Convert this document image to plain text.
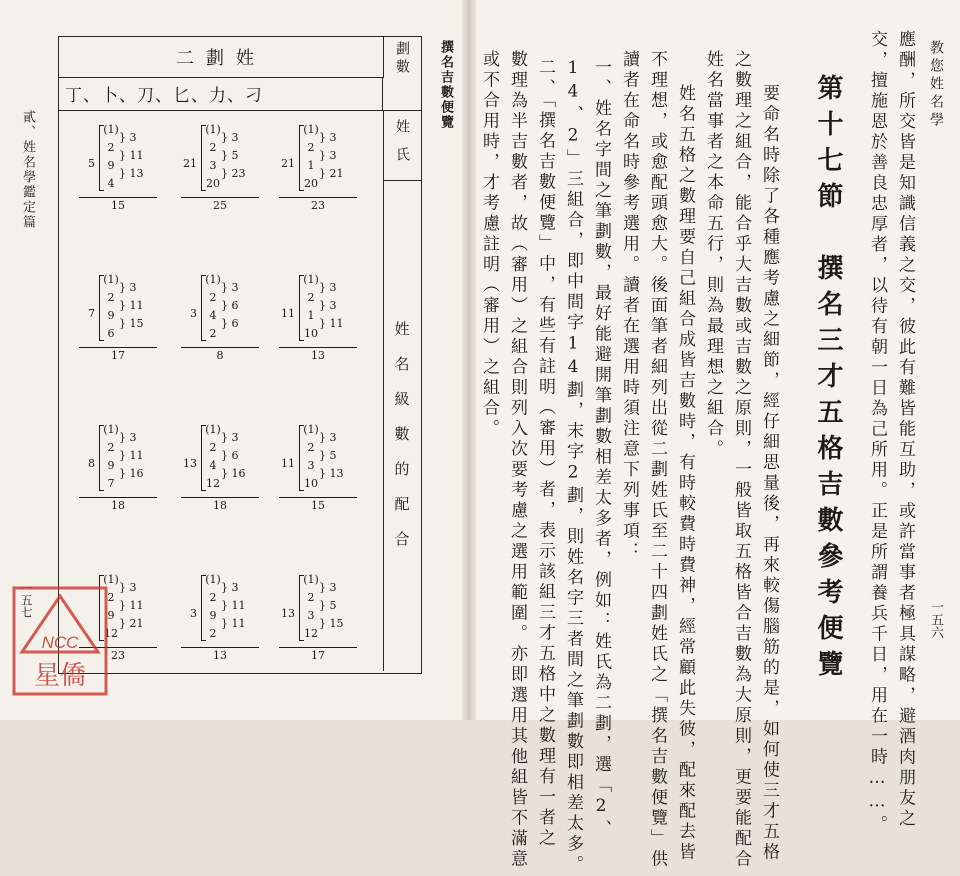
貳、姓名學鑑定篇
撰名吉數便覽
一五七
二劃姓
丁、卜、刀、匕、力、刁
劃數
姓氏
姓名級數的配合
5
(1)
2
9
4
} 3
} 11
} 13
15
21
(1)
2
3
20
} 3
} 5
} 23
25
21
(1)
2
1
20
} 3
} 3
} 21
23
7
(1)
2
9
6
} 3
} 11
} 15
17
3
(1)
2
4
2
} 3
} 6
} 6
8
11
(1)
2
1
10
} 3
} 3
} 11
13
8
(1)
2
9
7
} 3
} 11
} 16
18
13
(1)
2
4
12
} 3
} 6
} 16
18
11
(1)
2
3
10
} 3
} 5
} 13
15
(1)
2
9
12
} 3
} 11
} 21
23
3
(1)
2
9
2
} 3
} 11
} 11
13
13
(1)
2
3
12
} 3
} 5
} 15
17
NCC
星僑
教您姓名學
一五六
第十七節　撰名三才五格吉數參考便覽	應酬，所交皆是知識信義之交，彼此有難皆能互助，或許當事者極具謀略，避酒肉朋友之
交，擅施恩於善良忠厚者，以待有朝一日為己所用。正是所謂養兵千日，用在一時……。
要命名時除了各種應考慮之細節，經仔細思量後，再來較傷腦筋的是，如何使三才五格
之數理之組合，能合乎大吉數或吉數之原則，一般皆取五格皆合吉數為大原則，更要能配合
姓名當事者之本命五行，則為最理想之組合。
姓名五格之數理要自己組合成皆吉數時，有時較費時費神，經常顧此失彼，配來配去皆
不理想，或愈配頭愈大。後面筆者細列出從二劃姓氏至二十四劃姓氏之「撰名吉數便覽」供
讀者在命名時參考選用。讀者在選用時須注意下列事項：
一、姓名字間之筆劃數，最好能避開筆劃數相差太多者，例如：姓氏為二劃，選「2、
14、2」三組合，即中間字14劃，末字2劃，則姓名字三者間之筆劃數即相差太多。
二、「撰名吉數便覽」中，有些有註明（審用）者，表示該組三才五格中之數理有一者之
數理為半吉數者，故（審用）之組合則列入次要考慮之選用範圍。亦即選用其他組皆不滿意
或不合用時，才考慮註明（審用）之組合。
